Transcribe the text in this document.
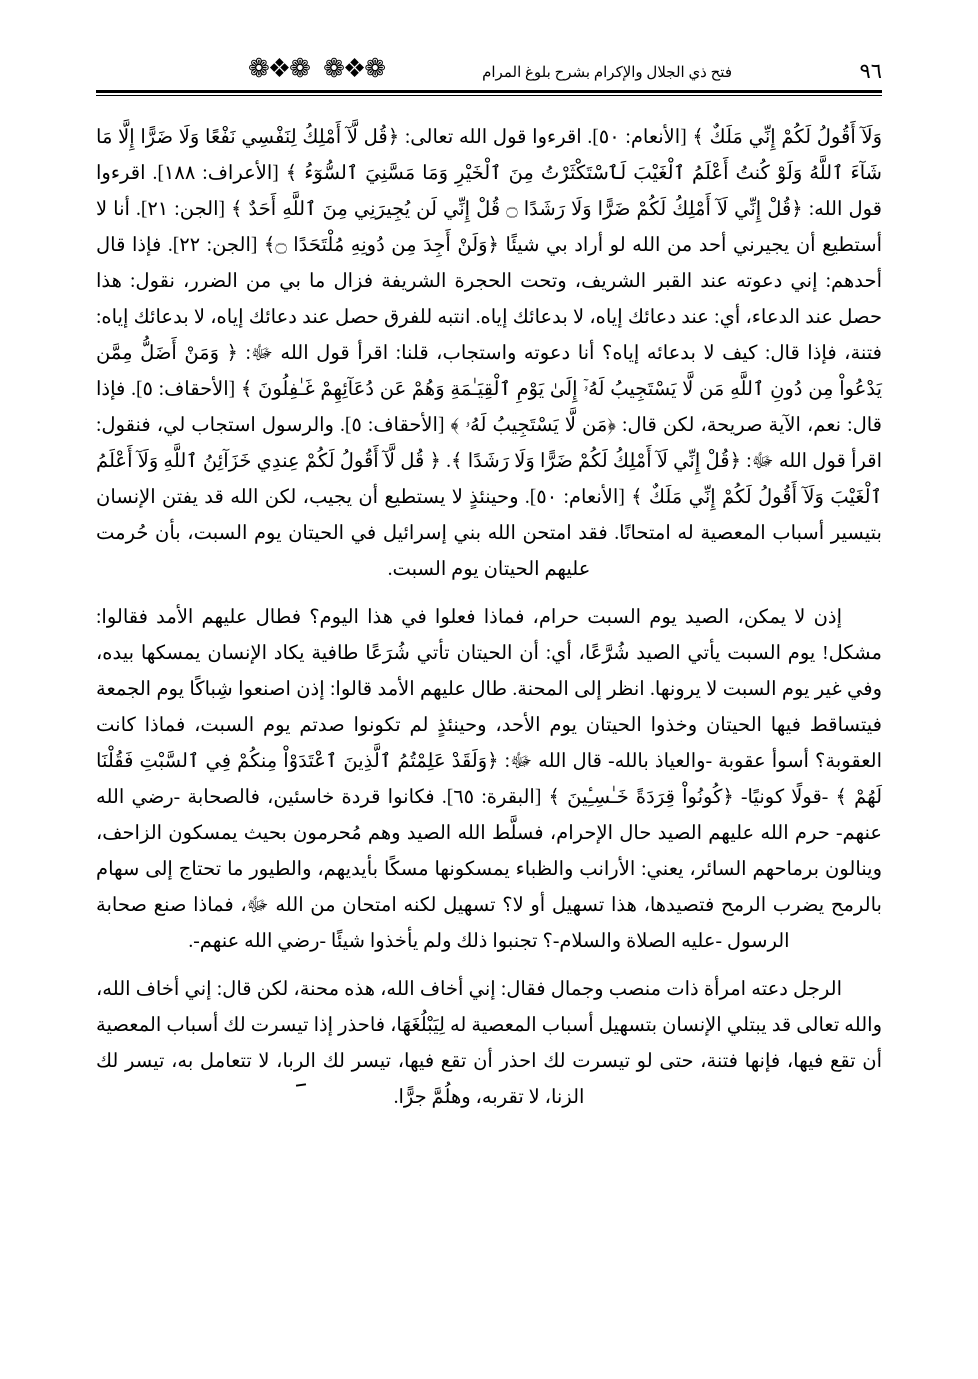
٩٦
فتح ذي الجلال والإكرام بشرح بلوغ المرام
❁❖❁
❁❖❁

وَلَآ أَقُولُ لَكُمْ إِنِّي مَلَكٌ ﴾ [الأنعام: ٥٠]. اقرءوا قول الله تعالى: ﴿قُل لَّآ أَمْلِكُ لِنَفْسِي نَفْعًا وَلَا ضَرًّا إِلَّا مَا شَآءَ ٱللَّهُ وَلَوْ كُنتُ أَعْلَمُ ٱلْغَيْبَ لَٱسْتَكْثَرْتُ مِنَ ٱلْخَيْرِ وَمَا مَسَّنِيَ ٱلسُّوٓءُ ﴾ [الأعراف: ١٨٨]. اقرءوا قول الله: ﴿قُلْ إِنِّي لَآ أَمْلِكُ لَكُمْ ضَرًّا وَلَا رَشَدًا ۝ قُلْ إِنِّي لَن يُجِيرَنِي مِنَ ٱللَّهِ أَحَدٌ ﴾ [الجن: ٢١]. أنا لا أستطيع أن يجيرني أحد من الله لو أراد بي شيئًا ﴿وَلَنْ أَجِدَ مِن دُونِهِ مُلْتَحَدًا ۝﴾ [الجن: ٢٢]. فإذا قال أحدهم: إني دعوته عند القبر الشريف، وتحت الحجرة الشريفة فزال ما بي من الضرر، نقول: هذا حصل عند الدعاء، أي: عند دعائك إياه، لا بدعائك إياه. انتبه للفرق حصل عند دعائك إياه، لا بدعائك إياه: فتنة، فإذا قال: كيف لا بدعائه إياه؟ أنا دعوته واستجاب، قلنا: اقرأ قول الله ﷻ: ﴿ وَمَنْ أَضَلُّ مِمَّن يَدْعُواْ مِن دُونِ ٱللَّهِ مَن لَّا يَسْتَجِيبُ لَهُۥٓ إِلَىٰ يَوْمِ ٱلْقِيَـٰمَةِ وَهُمْ عَن دُعَآئِهِمْ غَـٰفِلُونَ ﴾ [الأحقاف: ٥]. فإذا قال: نعم، الآية صريحة، لكن قال: ﴿مَن لَّا يَسْتَجِيبُ لَهُۥ ﴾ [الأحقاف: ٥]. والرسول استجاب لي، فنقول: اقرأ قول الله ﷻ: ﴿قُلْ إِنِّي لَآ أَمْلِكُ لَكُمْ ضَرًّا وَلَا رَشَدًا ﴾. ﴿ قُل لَّآ أَقُولُ لَكُمْ عِندِي خَزَآئِنُ ٱللَّهِ وَلَآ أَعْلَمُ ٱلْغَيْبَ وَلَآ أَقُولُ لَكُمْ إِنِّي مَلَكٌ ﴾ [الأنعام: ٥٠]. وحينئذٍ لا يستطيع أن يجيب، لكن الله قد يفتن الإنسان بتيسير أسباب المعصية له امتحانًا. فقد امتحن الله بني إسرائيل في الحيتان يوم السبت، بأن حُرمت عليهم الحيتان يوم السبت.

إذن لا يمكن، الصيد يوم السبت حرام، فماذا فعلوا في هذا اليوم؟ فطال عليهم الأمد فقالوا: مشكل! يوم السبت يأتي الصيد شُرَّعًا، أي: أن الحيتان تأتي شُرَعًا طافية يكاد الإنسان يمسكها بيده، وفي غير يوم السبت لا يرونها. انظر إلى المحنة. طال عليهم الأمد قالوا: إذن اصنعوا شِباكًا يوم الجمعة فيتساقط فيها الحيتان وخذوا الحيتان يوم الأحد، وحينئذٍ لم تكونوا صدتم يوم السبت، فماذا كانت العقوبة؟ أسوأ عقوبة -والعياذ بالله- قال الله ﷻ: ﴿وَلَقَدْ عَلِمْتُمُ ٱلَّذِينَ ٱعْتَدَوْاْ مِنكُمْ فِي ٱلسَّبْتِ فَقُلْنَا لَهُمْ ﴾ -قولًا كونيًا- ﴿كُونُواْ قِرَدَةً خَـٰسِـِٔينَ ﴾ [البقرة: ٦٥]. فكانوا قردة خاسئين، فالصحابة -رضي الله عنهم- حرم الله عليهم الصيد حال الإحرام، فسلَّط الله الصيد وهم مُحرمون بحيث يمسكون الزاحف، وينالون برماحهم السائر، يعني: الأرانب والظباء يمسكونها مسكًا بأيديهم، والطيور ما تحتاج إلى سهام بالرمح يضرب الرمح فتصيدها، هذا تسهيل أو لا؟ تسهيل لكنه امتحان من الله ﷻ، فماذا صنع صحابة الرسول -عليه الصلاة والسلام-؟ تجنبوا ذلك ولم يأخذوا شيئًا -رضي الله عنهم-.

الرجل دعته امرأة ذات منصب وجمال فقال: إني أخاف الله، هذه محنة، لكن قال: إني أخاف الله، والله تعالى قد يبتلي الإنسان بتسهيل أسباب المعصية له لِيَبْلُغَهَا، فاحذر إذا تيسرت لك أسباب المعصية أن تقع فيها، فإنها فتنة، حتى لو تيسرت لك احذر أن تقع فيها، تيسر لك الربا، لا تتعامل به، تيسر لك الزنا، لا تقربه، وهلُمَّ جرًّا.
